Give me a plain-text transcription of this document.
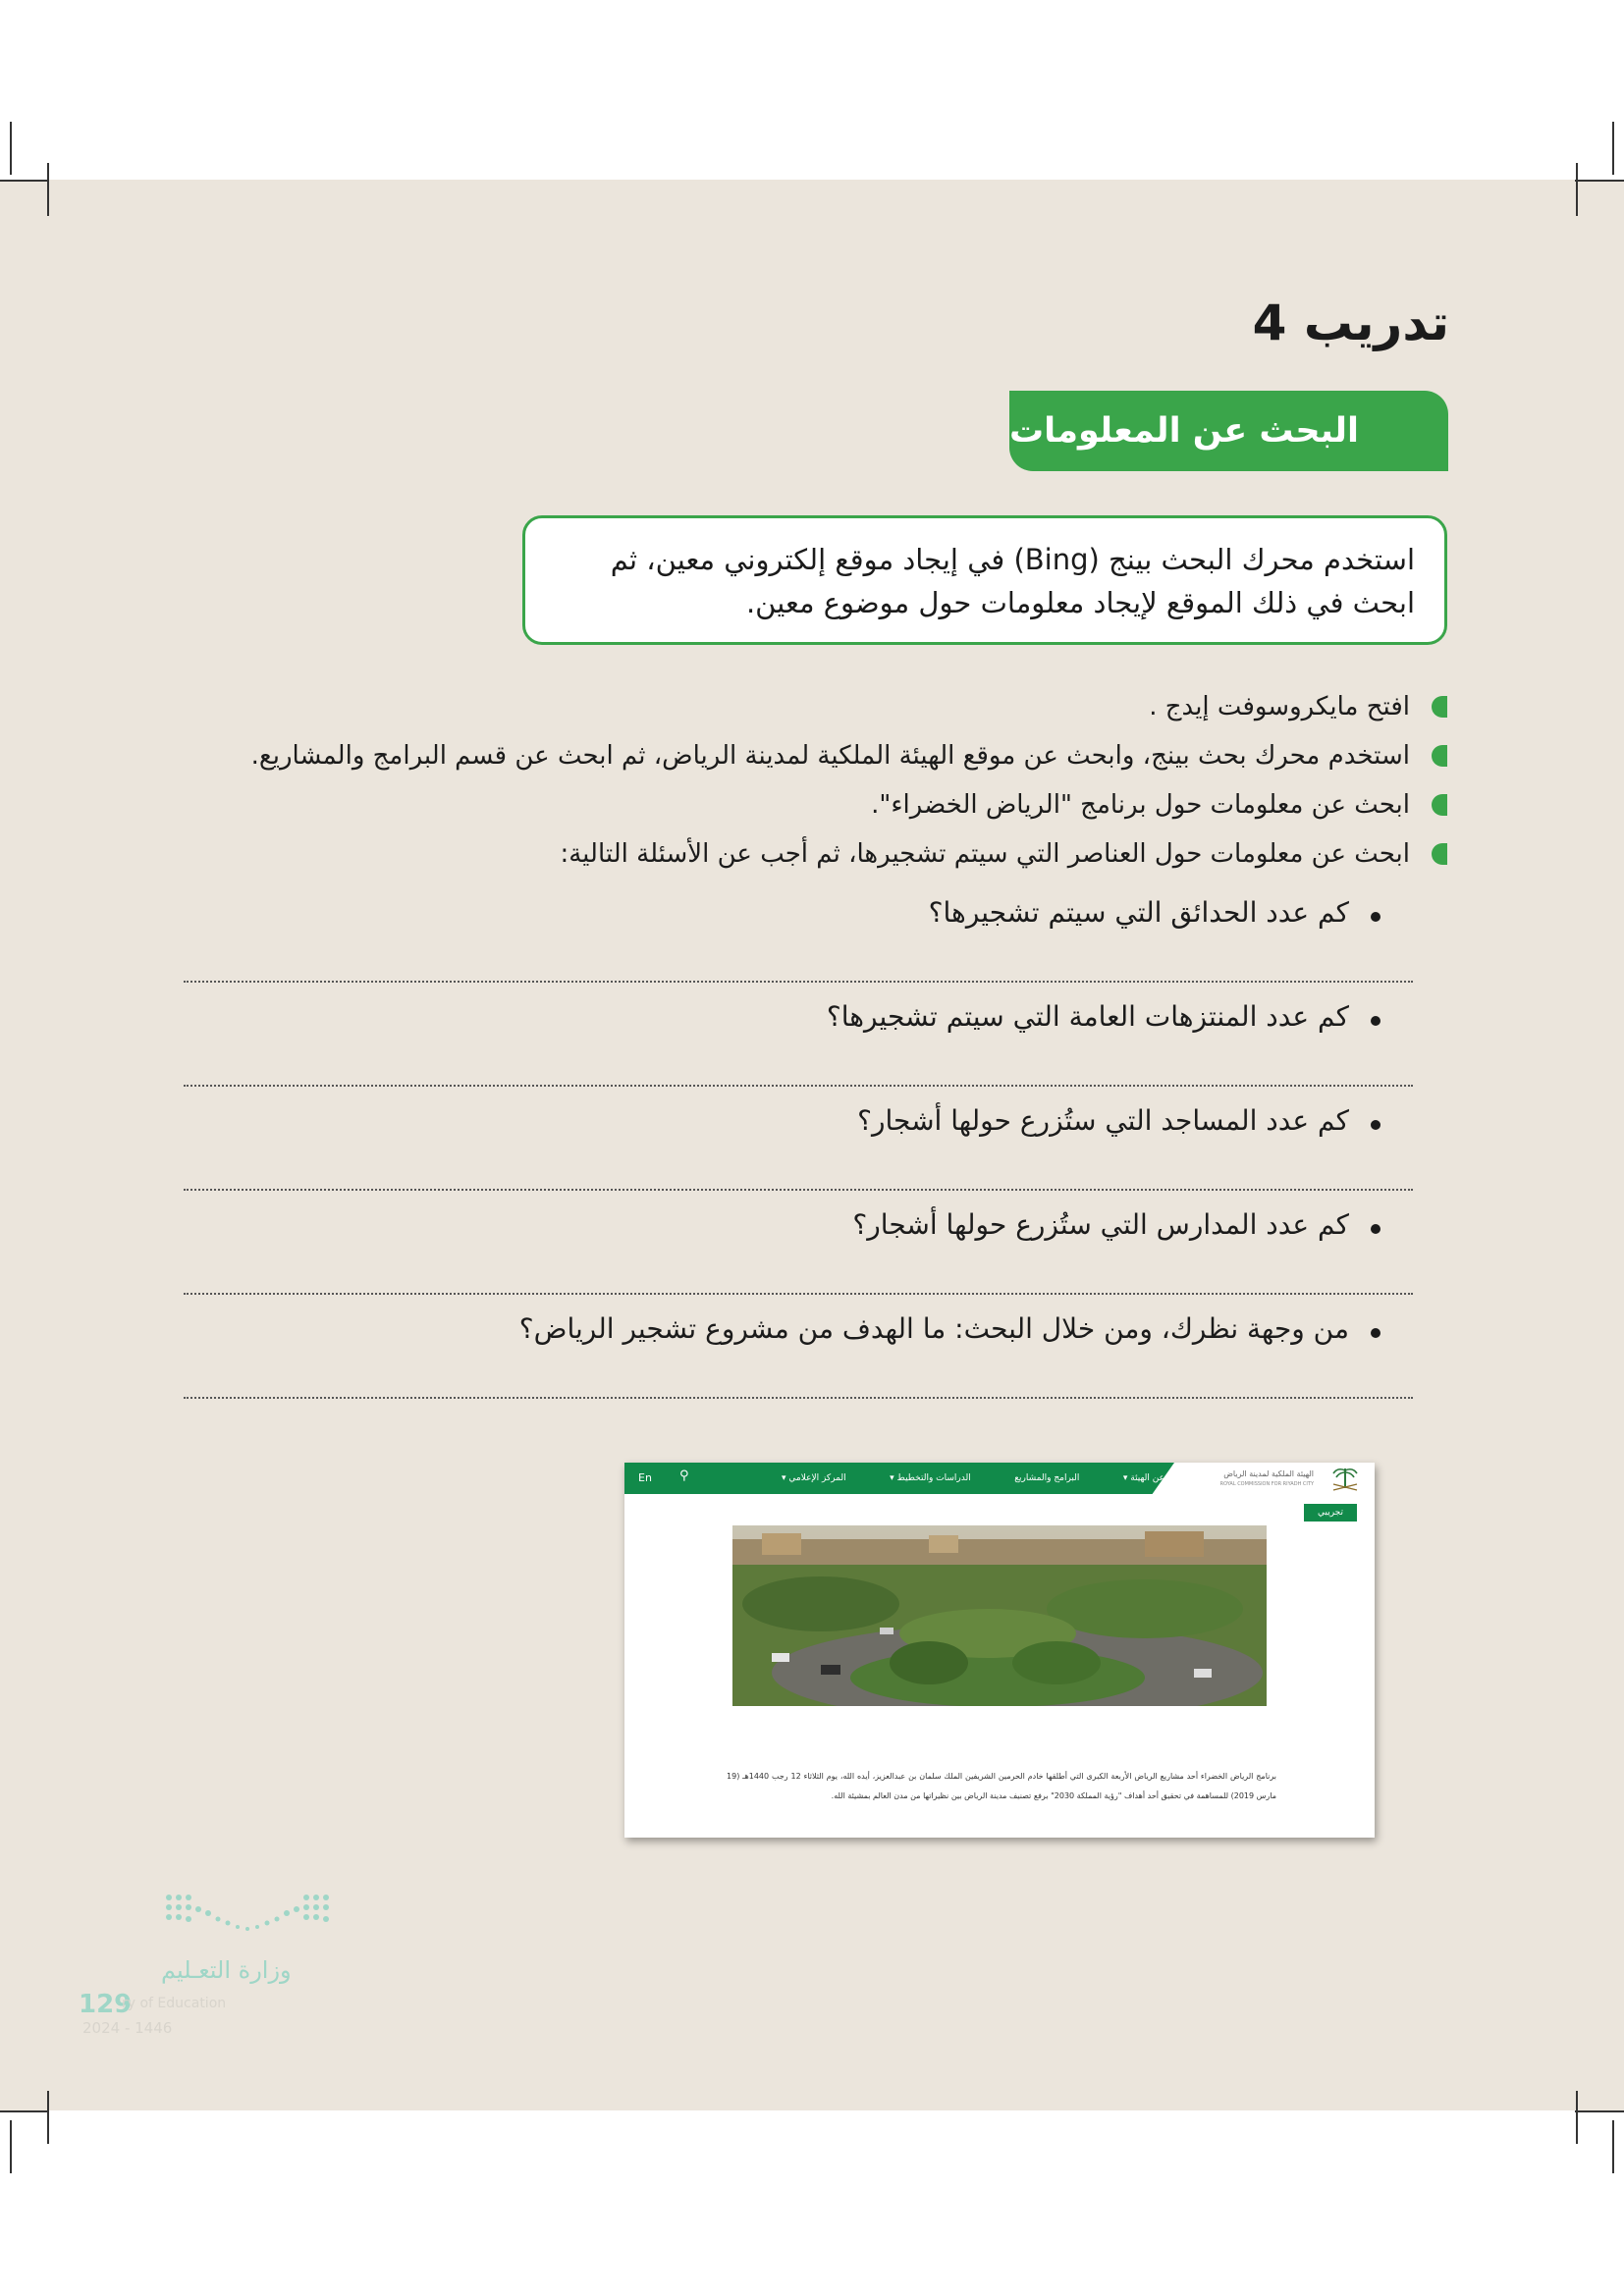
تدريب 4
البحث عن المعلومات
استخدم محرك البحث بينج (Bing) في إيجاد موقع إلكتروني معين، ثم
ابحث في ذلك الموقع لإيجاد معلومات حول موضوع معين.
افتح مايكروسوفت إيدج .
استخدم محرك بحث بينج، وابحث عن موقع الهيئة الملكية لمدينة الرياض، ثم ابحث عن قسم البرامج والمشاريع.
ابحث عن معلومات حول برنامج "الرياض الخضراء".
ابحث عن معلومات حول العناصر التي سيتم تشجيرها، ثم أجب عن الأسئلة التالية:
كم عدد الحدائق التي سيتم تشجيرها؟
كم عدد المنتزهات العامة التي سيتم تشجيرها؟
كم عدد المساجد التي ستُزرع حولها أشجار؟
كم عدد المدارس التي ستُزرع حولها أشجار؟
من وجهة نظرك، ومن خلال البحث: ما الهدف من مشروع تشجير الرياض؟
En ⚲	عن الهيئة ▾
البرامج والمشاريع
الدراسات والتخطيط ▾
المركز الإعلامي ▾	الهيئة الملكية لمدينة الرياض
ROYAL COMMISSION FOR RIYADH CITY
تجريبي
برنامج الرياض الخضراء أحد مشاريع الرياض الأربعة الكبرى التي أطلقها خادم الحرمين الشريفين الملك سلمان بن عبدالعزيز، أيده الله، يوم الثلاثاء 12 رجب 1440هـ (19 مارس 2019) للمساهمة في تحقيق أحد أهداف "رؤية المملكة 2030" برفع تصنيف مدينة الرياض بين نظيراتها من مدن العالم بمشيئة الله.
وزارة التعـليم
129
ry of Education
2024 - 1446
